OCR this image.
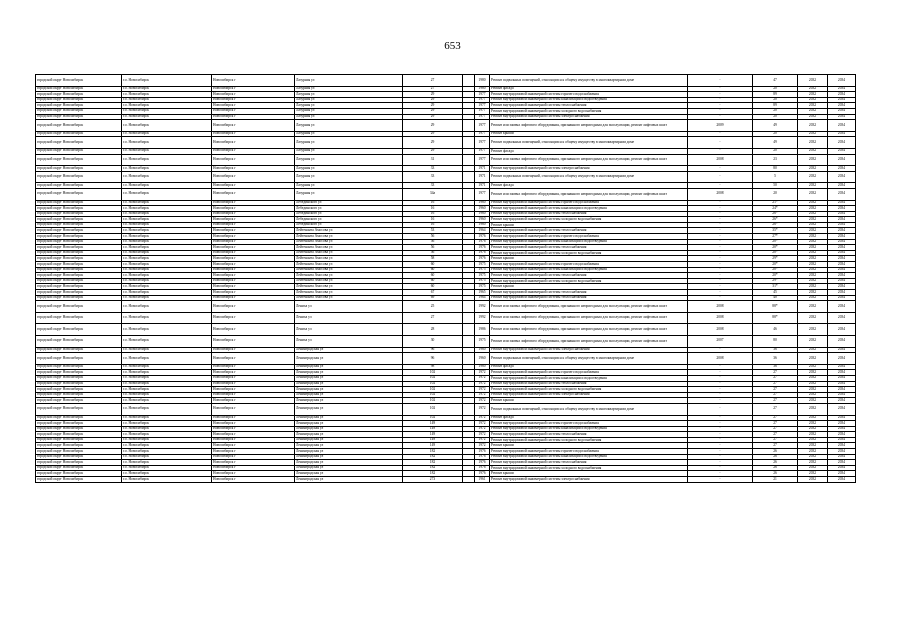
653
городской округ Новосибирск	г.о. Новосибирск	Новосибирск г	Лазурная ул	27		1980	Ремонт подвальных помещений, относящихся к общему имуществу в многоквартирном доме	-	47	2032	2034
городской округ Новосибирск	г.о. Новосибирск	Новосибирск г	Лазурная ул	27		1980	Ремонт фасада	-	20	2032	2034
городской округ Новосибирск	г.о. Новосибирск	Новосибирск г	Лазурная ул	29		1977	Ремонт внутридомовой инженерной системы горячего водоснабжения	-	89	2032	2034
городской округ Новосибирск	г.о. Новосибирск	Новосибирск г	Лазурная ул	29		1977	Ремонт внутридомовой инженерной системы канализации и водоотведения	-	20	2032	2034
городской округ Новосибирск	г.о. Новосибирск	Новосибирск г	Лазурная ул	29		1977	Ремонт внутридомовой инженерной системы теплоснабжения	-	89	2032	2034
городской округ Новосибирск	г.о. Новосибирск	Новосибирск г	Лазурная ул	29		1977	Ремонт внутридомовой инженерной системы холодного водоснабжения	-	20	2032	2034
городской округ Новосибирск	г.о. Новосибирск	Новосибирск г	Лазурная ул	29		1977	Ремонт внутридомовой инженерной системы электроснабжения	-	20	2032	2034
городской округ Новосибирск	г.о. Новосибирск	Новосибирск г	Лазурная ул	29		1977	Ремонт или замена лифтового оборудования, признанного непригодным для эксплуатации, ремонт лифтовых шахт	2009	49	2032	2034
городской округ Новосибирск	г.о. Новосибирск	Новосибирск г	Лазурная ул	29		1977	Ремонт крыши	-	20	2032	2034
городской округ Новосибирск	г.о. Новосибирск	Новосибирск г	Лазурная ул	29		1977	Ремонт подвальных помещений, относящихся к общему имуществу в многоквартирном доме	-	49	2032	2034
городской округ Новосибирск	г.о. Новосибирск	Новосибирск г	Лазурная ул	29		1977	Ремонт фасада	-	20	2032	2034
городской округ Новосибирск	г.о. Новосибирск	Новосибирск г	Лазурная ул	31		1977	Ремонт или замена лифтового оборудования, признанного непригодным для эксплуатации, ремонт лифтовых шахт	2008	23	2032	2034
городской округ Новосибирск	г.о. Новосибирск	Новосибирск г	Лазурная ул	33		1971	Ремонт внутридомовой инженерной системы электроснабжения	-	80	2032	2034
городской округ Новосибирск	г.о. Новосибирск	Новосибирск г	Лазурная ул	33		1971	Ремонт подвальных помещений, относящихся к общему имуществу в многоквартирном доме	-	5	2032	2034
городской округ Новосибирск	г.о. Новосибирск	Новосибирск г	Лазурная ул	33		1971	Ремонт фасада	-	50	2032	2034
городской округ Новосибирск	г.о. Новосибирск	Новосибирск г	Лазурная ул	34а		1977	Ремонт или замена лифтового оборудования, признанного непригодным для эксплуатации, ремонт лифтовых шахт	2008	20	2032	2034
городской округ Новосибирск	г.о. Новосибирск	Новосибирск г	Лебединского ул	16		1960	Ремонт внутридомовой инженерной системы горячего водоснабжения	-	21*	2032	2034
городской округ Новосибирск	г.о. Новосибирск	Новосибирск г	Лебединского ул	16		1960	Ремонт внутридомовой инженерной системы канализации и водоотведения	-	24*	2032	2034
городской округ Новосибирск	г.о. Новосибирск	Новосибирск г	Лебединского ул	16		1960	Ремонт внутридомовой инженерной системы теплоснабжения	-	26*	2032	2034
городской округ Новосибирск	г.о. Новосибирск	Новосибирск г	Лебединского ул	16		1960	Ремонт внутридомовой инженерной системы холодного водоснабжения	-	26*	2032	2034
городской округ Новосибирск	г.о. Новосибирск	Новосибирск г	Лебединского ул	16		1960	Ремонт крыши	-	26*	2032	2034
городской округ Новосибирск	г.о. Новосибирск	Новосибирск г	Лейтенанта Амосова ул	53		1964	Ремонт внутридомовой инженерной системы теплоснабжения	-	35*	2032	2034
городской округ Новосибирск	г.о. Новосибирск	Новосибирск г	Лейтенанта Амосова ул	56		1976	Ремонт внутридомовой инженерной системы горячего водоснабжения	-	27*	2032	2034
городской округ Новосибирск	г.о. Новосибирск	Новосибирск г	Лейтенанта Амосова ул	56		1976	Ремонт внутридомовой инженерной системы канализации и водоотведения	-	20*	2032	2034
городской округ Новосибирск	г.о. Новосибирск	Новосибирск г	Лейтенанта Амосова ул	56		1976	Ремонт внутридомовой инженерной системы теплоснабжения	-	20*	2032	2034
городской округ Новосибирск	г.о. Новосибирск	Новосибирск г	Лейтенанта Амосова ул	56		1976	Ремонт внутридомовой инженерной системы холодного водоснабжения	-	20*	2032	2034
городской округ Новосибирск	г.о. Новосибирск	Новосибирск г	Лейтенанта Амосова ул	58		1976	Ремонт крыши	-	29*	2032	2034
городской округ Новосибирск	г.о. Новосибирск	Новосибирск г	Лейтенанта Амосова ул	60		1975	Ремонт внутридомовой инженерной системы горячего водоснабжения	-	20*	2032	2034
городской округ Новосибирск	г.о. Новосибирск	Новосибирск г	Лейтенанта Амосова ул	60		1975	Ремонт внутридомовой инженерной системы канализации и водоотведения	-	20*	2032	2034
городской округ Новосибирск	г.о. Новосибирск	Новосибирск г	Лейтенанта Амосова ул	60		1975	Ремонт внутридомовой инженерной системы теплоснабжения	-	20*	2032	2034
городской округ Новосибирск	г.о. Новосибирск	Новосибирск г	Лейтенанта Амосова ул	60		1975	Ремонт внутридомовой инженерной системы холодного водоснабжения	-	29*	2032	2034
городской округ Новосибирск	г.о. Новосибирск	Новосибирск г	Лейтенанта Амосова ул	60		1975	Ремонт крыши	-	31*	2032	2034
городской округ Новосибирск	г.о. Новосибирск	Новосибирск г	Лейтенанта Амосова ул	67		1965	Ремонт внутридомовой инженерной системы теплоснабжения	-	45	2032	2034
городской округ Новосибирск	г.о. Новосибирск	Новосибирск г	Лейтенанта Амосова ул	69		1964	Ремонт внутридомовой инженерной системы теплоснабжения	-	40	2032	2034
городской округ Новосибирск	г.о. Новосибирск	Новосибирск г	Лениха ул	25		1992	Ремонт или замена лифтового оборудования, признанного непригодным для эксплуатации, ремонт лифтовых шахт	2008	88*	2032	2034
городской округ Новосибирск	г.о. Новосибирск	Новосибирск г	Лениха ул	27		1992	Ремонт или замена лифтового оборудования, признанного непригодным для эксплуатации, ремонт лифтовых шахт	2008	88*	2032	2034
городской округ Новосибирск	г.о. Новосибирск	Новосибирск г	Лениха ул	28		1986	Ремонт или замена лифтового оборудования, признанного непригодным для эксплуатации, ремонт лифтовых шахт	2008	46	2032	2034
городской округ Новосибирск	г.о. Новосибирск	Новосибирск г	Лениха ул	30		1975	Ремонт или замена лифтового оборудования, признанного непригодным для эксплуатации, ремонт лифтовых шахт	2007	80	2032	2034
городской округ Новосибирск	г.о. Новосибирск	Новосибирск г	Ленинградская ул	96		1960	Ремонт внутридомовой инженерной системы электроснабжения	-	36	2032	2034
городской округ Новосибирск	г.о. Новосибирск	Новосибирск г	Ленинградская ул	96		1960	Ремонт подвальных помещений, относящихся к общему имуществу в многоквартирном доме	2008	36	2032	2034
городской округ Новосибирск	г.о. Новосибирск	Новосибирск г	Ленинградская ул	98		1960	Ремонт фасада	-	36	2032	2034
городской округ Новосибирск	г.о. Новосибирск	Новосибирск г	Ленинградская ул	102		1972	Ремонт внутридомовой инженерной системы горячего водоснабжения	-	27	2032	2034
городской округ Новосибирск	г.о. Новосибирск	Новосибирск г	Ленинградская ул	102		1972	Ремонт внутридомовой инженерной системы канализации и водоотведения	-	27	2032	2034
городской округ Новосибирск	г.о. Новосибирск	Новосибирск г	Ленинградская ул	102		1972	Ремонт внутридомовой инженерной системы теплоснабжения	-	27	2032	2034
городской округ Новосибирск	г.о. Новосибирск	Новосибирск г	Ленинградская ул	102		1972	Ремонт внутридомовой инженерной системы холодного водоснабжения	-	27	2032	2034
городской округ Новосибирск	г.о. Новосибирск	Новосибирск г	Ленинградская ул	102		1972	Ремонт внутридомовой инженерной системы электроснабжения	-	27	2032	2034
городской округ Новосибирск	г.о. Новосибирск	Новосибирск г	Ленинградская ул	102		1972	Ремонт крыши	-	27	2032	2034
городской округ Новосибирск	г.о. Новосибирск	Новосибирск г	Ленинградская ул	102		1972	Ремонт подвальных помещений, относящихся к общему имуществу в многоквартирном доме	-	27	2032	2034
городской округ Новосибирск	г.о. Новосибирск	Новосибирск г	Ленинградская ул	102		1972	Ремонт фасада	-	27	2032	2034
городской округ Новосибирск	г.о. Новосибирск	Новосибирск г	Ленинградская ул	149		1972	Ремонт внутридомовой инженерной системы горячего водоснабжения	-	27	2032	2034
городской округ Новосибирск	г.о. Новосибирск	Новосибирск г	Ленинградская ул	149		1972	Ремонт внутридомовой инженерной системы канализации и водоотведения	-	27	2032	2034
городской округ Новосибирск	г.о. Новосибирск	Новосибирск г	Ленинградская ул	149		1972	Ремонт внутридомовой инженерной системы теплоснабжения	-	27	2032	2034
городской округ Новосибирск	г.о. Новосибирск	Новосибирск г	Ленинградская ул	149		1972	Ремонт внутридомовой инженерной системы холодного водоснабжения	-	27	2032	2034
городской округ Новосибирск	г.о. Новосибирск	Новосибирск г	Ленинградская ул	149		1972	Ремонт крыши	-	27	2032	2034
городской округ Новосибирск	г.о. Новосибирск	Новосибирск г	Ленинградская ул	182		1976	Ремонт внутридомовой инженерной системы горячего водоснабжения	-	26	2032	2034
городской округ Новосибирск	г.о. Новосибирск	Новосибирск г	Ленинградская ул	182		1976	Ремонт внутридомовой инженерной системы канализации и водоотведения	-	26	2032	2034
городской округ Новосибирск	г.о. Новосибирск	Новосибирск г	Ленинградская ул	182		1976	Ремонт внутридомовой инженерной системы теплоснабжения	-	26	2032	2034
городской округ Новосибирск	г.о. Новосибирск	Новосибирск г	Ленинградская ул	182		1976	Ремонт внутридомовой инженерной системы холодного водоснабжения	-	26	2032	2034
городской округ Новосибирск	г.о. Новосибирск	Новосибирск г	Ленинградская ул	182		1976	Ремонт крыши	-	26	2032	2034
городской округ Новосибирск	г.о. Новосибирск	Новосибирск г	Ленинградская ул	273		1961	Ремонт внутридомовой инженерной системы электроснабжения	-	21	2032	2034
